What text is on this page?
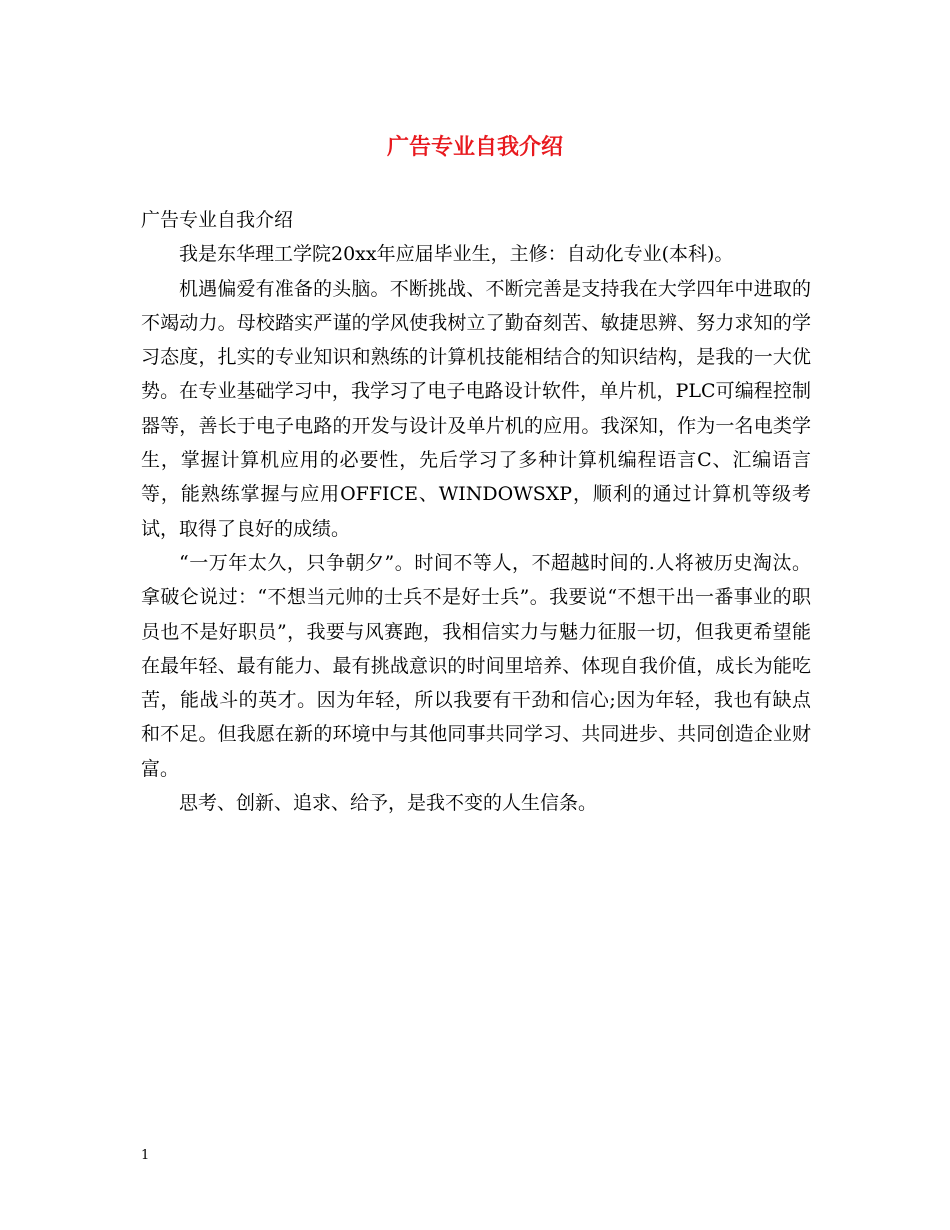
广告专业自我介绍

广告专业自我介绍

我是东华理工学院20xx年应届毕业生，主修：自动化专业(本科)。

机遇偏爱有准备的头脑。不断挑战、不断完善是支持我在大学四年中进取的不竭动力。母校踏实严谨的学风使我树立了勤奋刻苦、敏捷思辨、努力求知的学习态度，扎实的专业知识和熟练的计算机技能相结合的知识结构，是我的一大优势。在专业基础学习中，我学习了电子电路设计软件，单片机，PLC可编程控制器等，善长于电子电路的开发与设计及单片机的应用。我深知，作为一名电类学生，掌握计算机应用的必要性，先后学习了多种计算机编程语言C、汇编语言等，能熟练掌握与应用OFFICE、WINDOWSXP，顺利的通过计算机等级考试，取得了良好的成绩。

“一万年太久，只争朝夕”。时间不等人，不超越时间的.人将被历史淘汰。拿破仑说过：“不想当元帅的士兵不是好士兵”。我要说“不想干出一番事业的职员也不是好职员”，我要与风赛跑，我相信实力与魅力征服一切，但我更希望能在最年轻、最有能力、最有挑战意识的时间里培养、体现自我价值，成长为能吃苦，能战斗的英才。因为年轻，所以我要有干劲和信心;因为年轻，我也有缺点和不足。但我愿在新的环境中与其他同事共同学习、共同进步、共同创造企业财富。

思考、创新、追求、给予，是我不变的人生信条。

1
